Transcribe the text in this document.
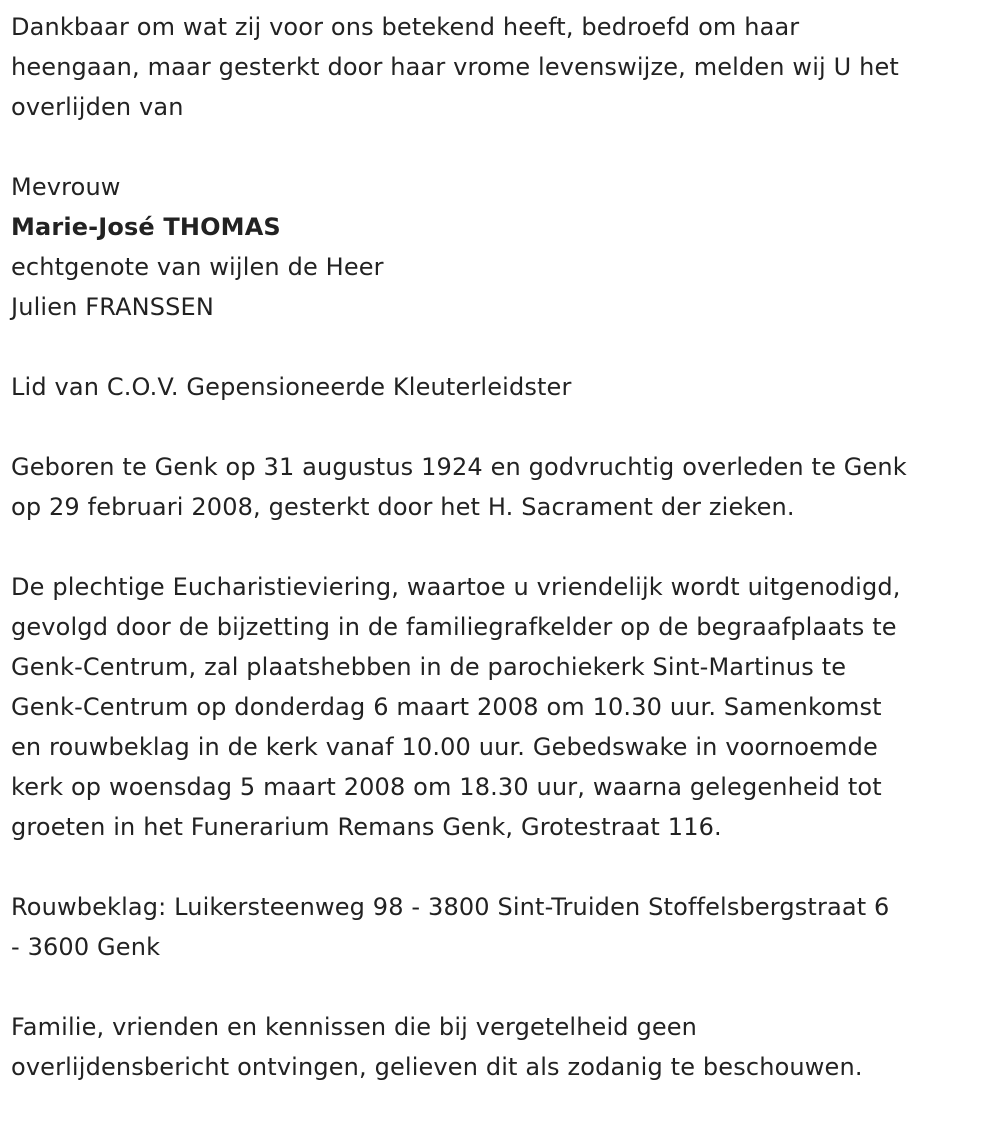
Dankbaar om wat zij voor ons betekend heeft, bedroefd om haar
heengaan, maar gesterkt door haar vrome levenswijze, melden wij U het
overlijden van

Mevrouw
Marie-José THOMAS
echtgenote van wijlen de Heer
Julien FRANSSEN

Lid van C.O.V. Gepensioneerde Kleuterleidster

Geboren te Genk op 31 augustus 1924 en godvruchtig overleden te Genk
op 29 februari 2008, gesterkt door het H. Sacrament der zieken.

De plechtige Eucharistieviering, waartoe u vriendelijk wordt uitgenodigd,
gevolgd door de bijzetting in de familiegrafkelder op de begraafplaats te
Genk-Centrum, zal plaatshebben in de parochiekerk Sint-Martinus te
Genk-Centrum op donderdag 6 maart 2008 om 10.30 uur. Samenkomst
en rouwbeklag in de kerk vanaf 10.00 uur. Gebedswake in voornoemde
kerk op woensdag 5 maart 2008 om 18.30 uur, waarna gelegenheid tot
groeten in het Funerarium Remans Genk, Grotestraat 116.

Rouwbeklag: Luikersteenweg 98 - 3800 Sint-Truiden Stoffelsbergstraat 6
- 3600 Genk

Familie, vrienden en kennissen die bij vergetelheid geen
overlijdensbericht ontvingen, gelieven dit als zodanig te beschouwen.
